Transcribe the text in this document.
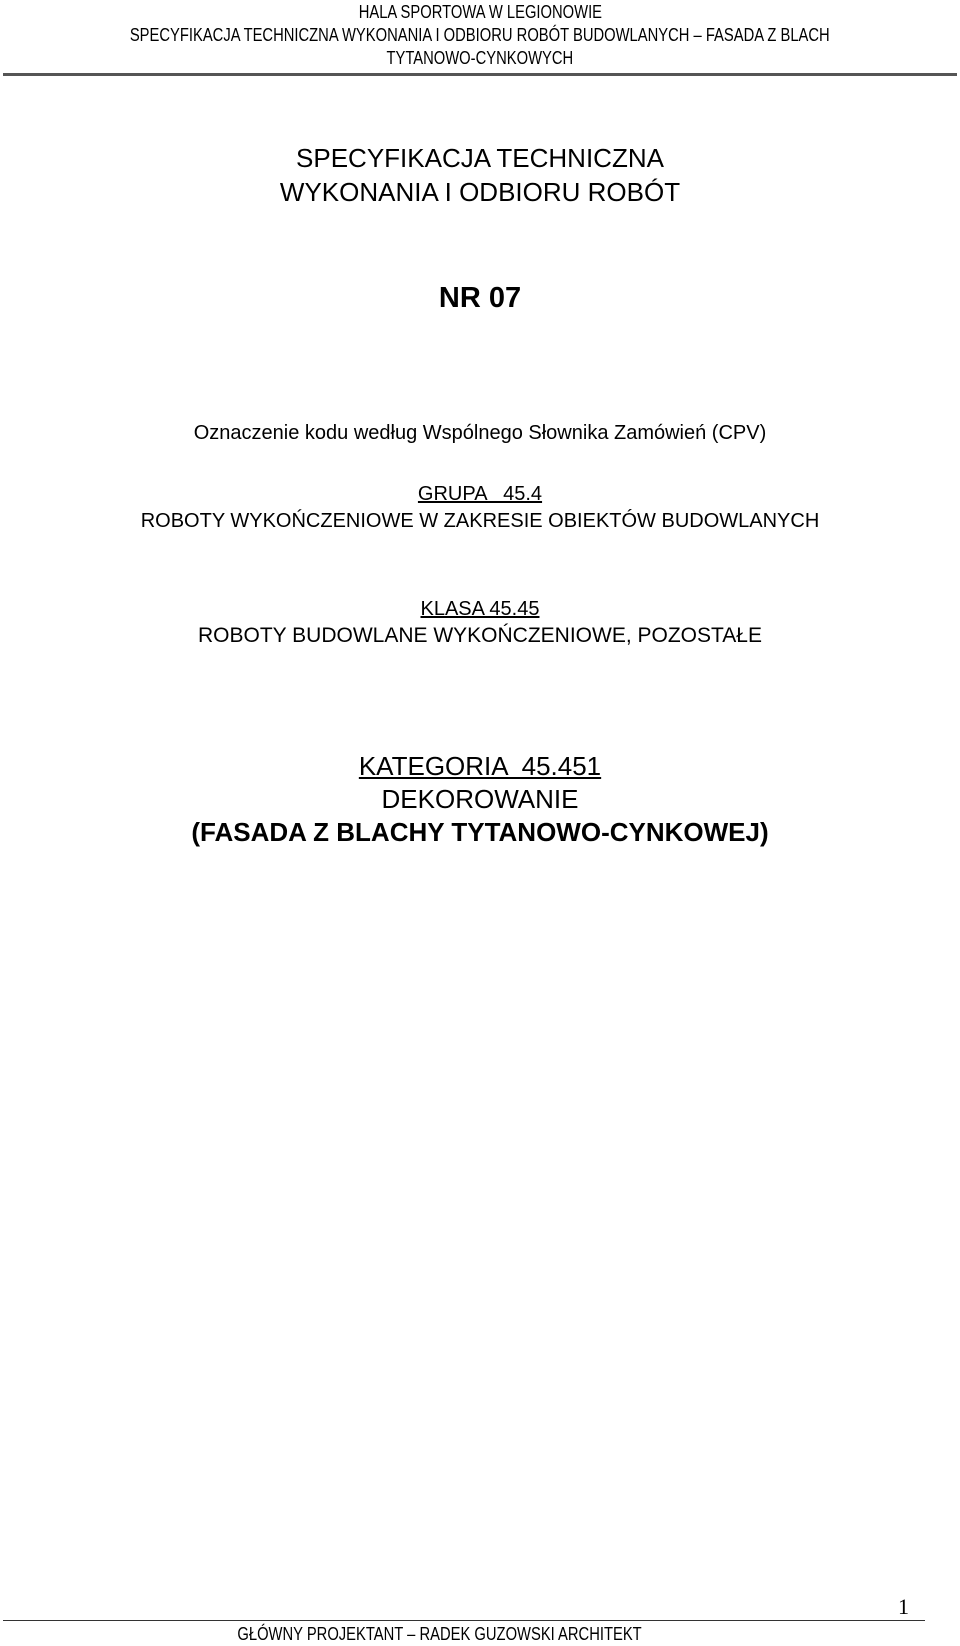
HALA SPORTOWA W LEGIONOWIE
SPECYFIKACJA TECHNICZNA WYKONANIA I ODBIORU ROBÓT BUDOWLANYCH – FASADA Z BLACH
TYTANOWO-CYNKOWYCH
SPECYFIKACJA TECHNICZNA
WYKONANIA I ODBIORU ROBÓT
NR 07
Oznaczenie kodu według Wspólnego Słownika Zamówień (CPV)
GRUPA   45.4
ROBOTY WYKOŃCZENIOWE W ZAKRESIE OBIEKTÓW BUDOWLANYCH
KLASA 45.45
ROBOTY BUDOWLANE WYKOŃCZENIOWE, POZOSTAŁE
KATEGORIA  45.451
DEKOROWANIE
(FASADA Z BLACHY TYTANOWO-CYNKOWEJ)
1
GŁÓWNY PROJEKTANT – RADEK GUZOWSKI ARCHITEKT
